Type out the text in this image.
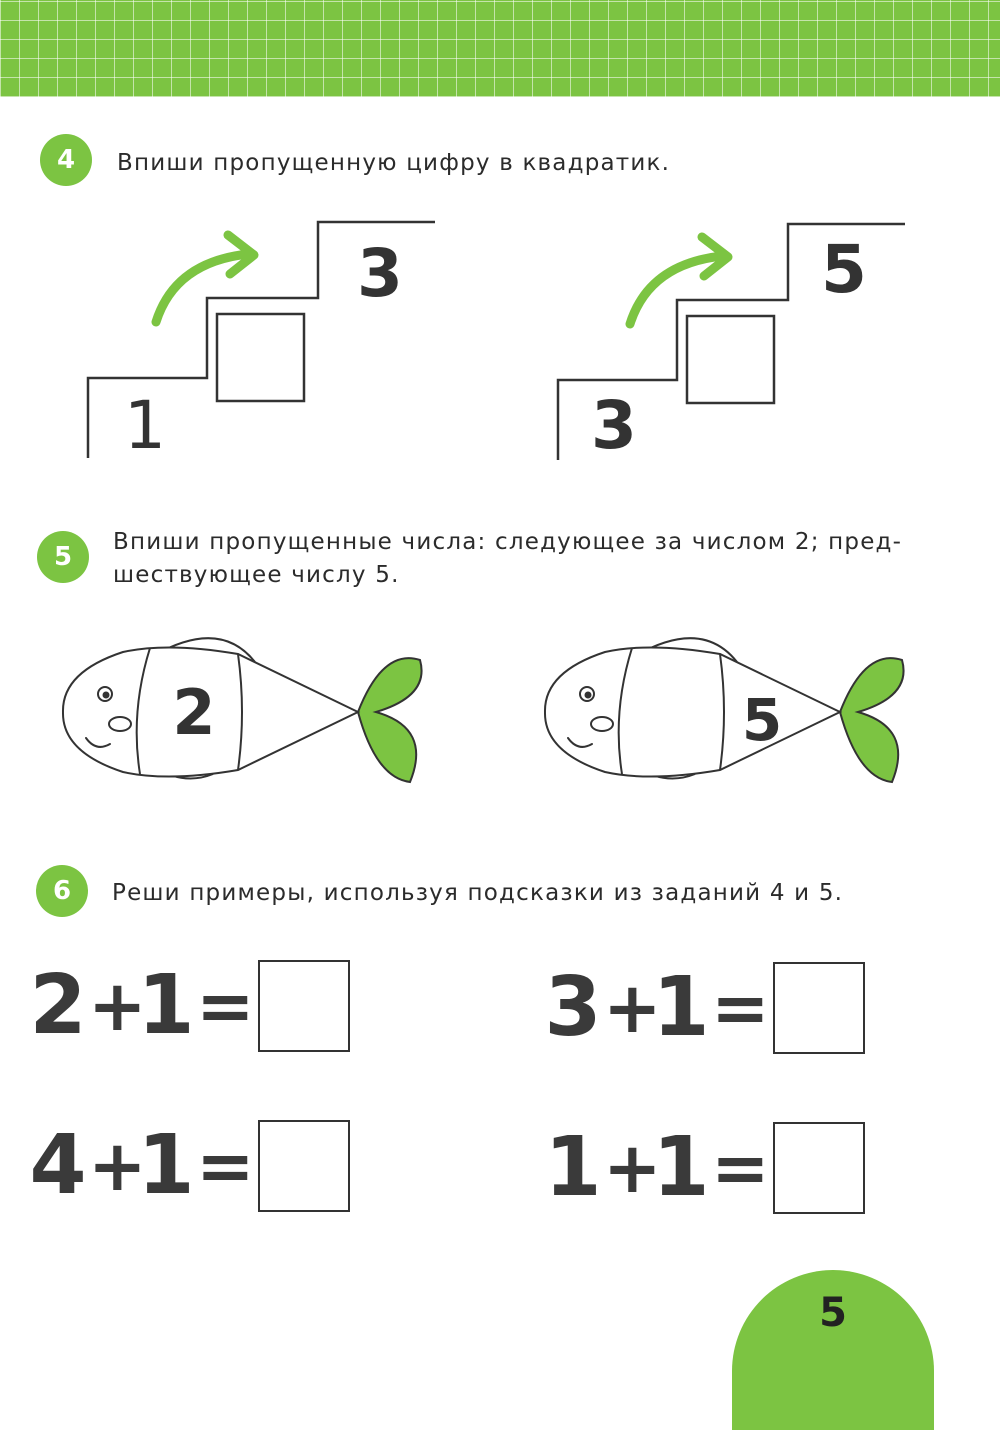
4 Впиши пропущенную цифру в квадратик.
1
3
3
5
5 Впиши пропущенные числа: следующее за числом 2; пред-
шествующее числу 5.
2	5
6 Реши примеры, используя подсказки из заданий 4 и 5.
2 +
1 =	3 +
1 =
4 +
1 =	1 +
1 =
5
